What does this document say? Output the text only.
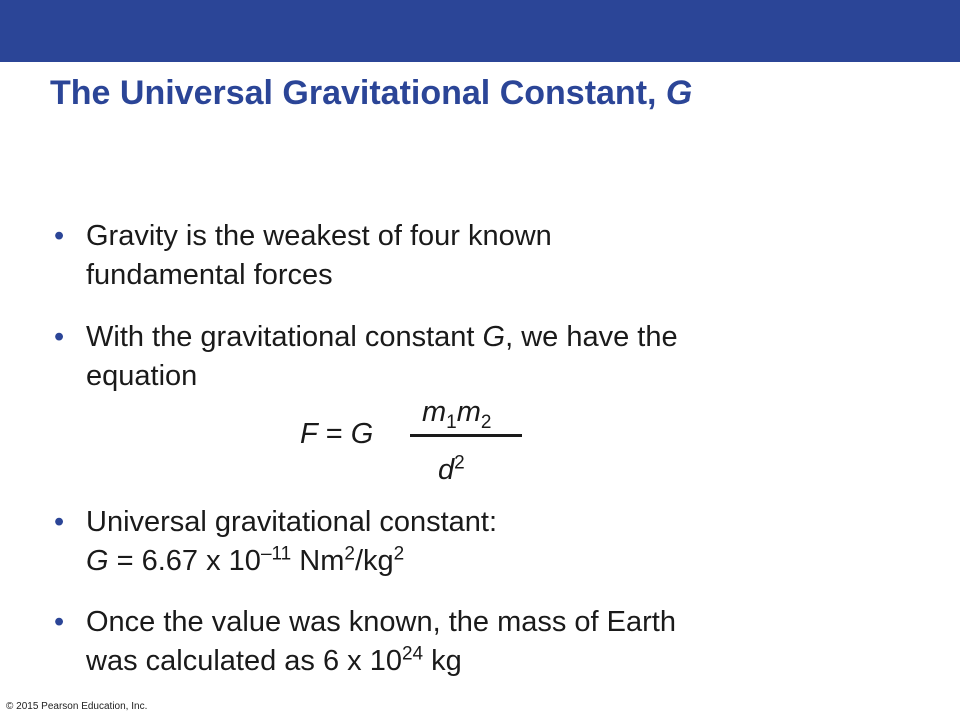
The Universal Gravitational Constant, G
• Gravity is the weakest of four known
fundamental forces
• With the gravitational constant G, we have the
equation
• Universal gravitational constant:
G = 6.67 x $10^{-11}$ $Nm^2/kg^2$
• Once the value was known, the mass of Earth
was calculated as 6 x $10^{24}$ kg
F = G
$m_1m_2$
$d^2$
© 2015 Pearson Education, Inc.
